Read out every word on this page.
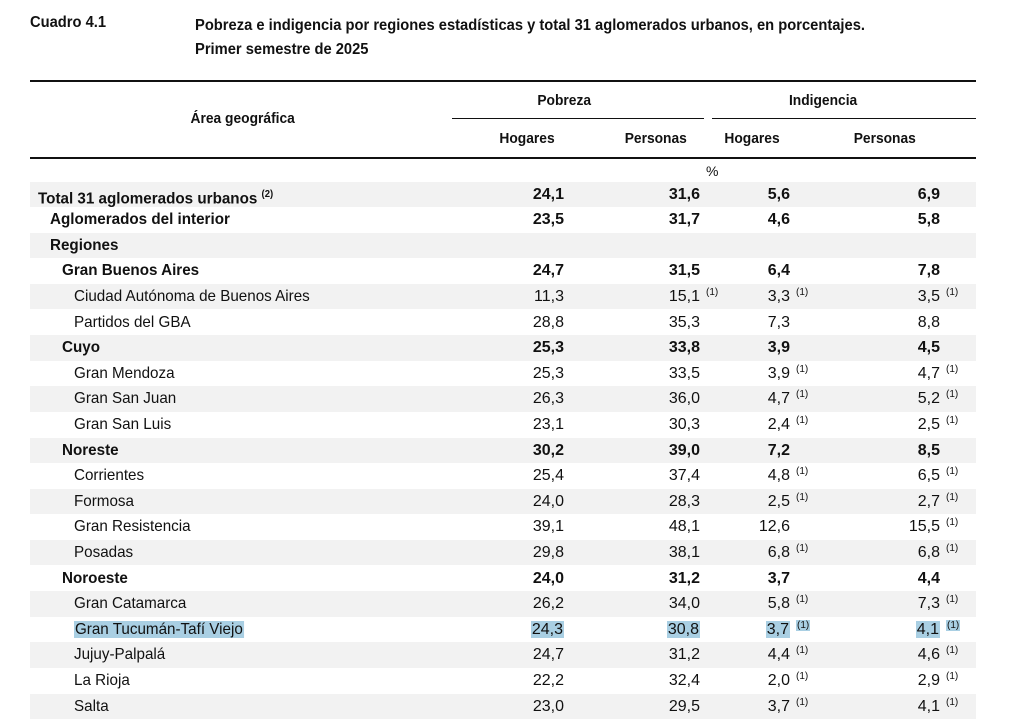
Cuadro 4.1	Pobreza e indigencia por regiones estadísticas y total 31 aglomerados urbanos, en porcentajes.
Primer semestre de 2025
Área geográfica
Pobreza	Indigencia
Hogares	Personas	Hogares	Personas
%
Total 31 aglomerados urbanos $^{(2)}$	24,1	31,6	5,6	6,9
Aglomerados del interior	23,5	31,7	4,6	5,8
Regiones
Gran Buenos Aires	24,7	31,5	6,4	7,8
Ciudad Autónoma de Buenos Aires	11,3	15,1 (1)	3,3 (1)	3,5 (1)
Partidos del GBA	28,8	35,3	7,3	8,8
Cuyo	25,3	33,8	3,9	4,5
Gran Mendoza	25,3	33,5	3,9 (1)	4,7 (1)
Gran San Juan	26,3	36,0	4,7 (1)	5,2 (1)
Gran San Luis	23,1	30,3	2,4 (1)	2,5 (1)
Noreste	30,2	39,0	7,2	8,5
Corrientes	25,4	37,4	4,8 (1)	6,5 (1)
Formosa	24,0	28,3	2,5 (1)	2,7 (1)
Gran Resistencia	39,1	48,1	12,6	15,5 (1)
Posadas	29,8	38,1	6,8 (1)	6,8 (1)
Noroeste	24,0	31,2	3,7	4,4
Gran Catamarca	26,2	34,0	5,8 (1)	7,3 (1)
Gran Tucumán-Tafí Viejo	24,3	30,8	3,7 (1)	4,1 (1)
Jujuy-Palpalá	24,7	31,2	4,4 (1)	4,6 (1)
La Rioja	22,2	32,4	2,0 (1)	2,9 (1)
Salta	23,0	29,5	3,7 (1)	4,1 (1)
